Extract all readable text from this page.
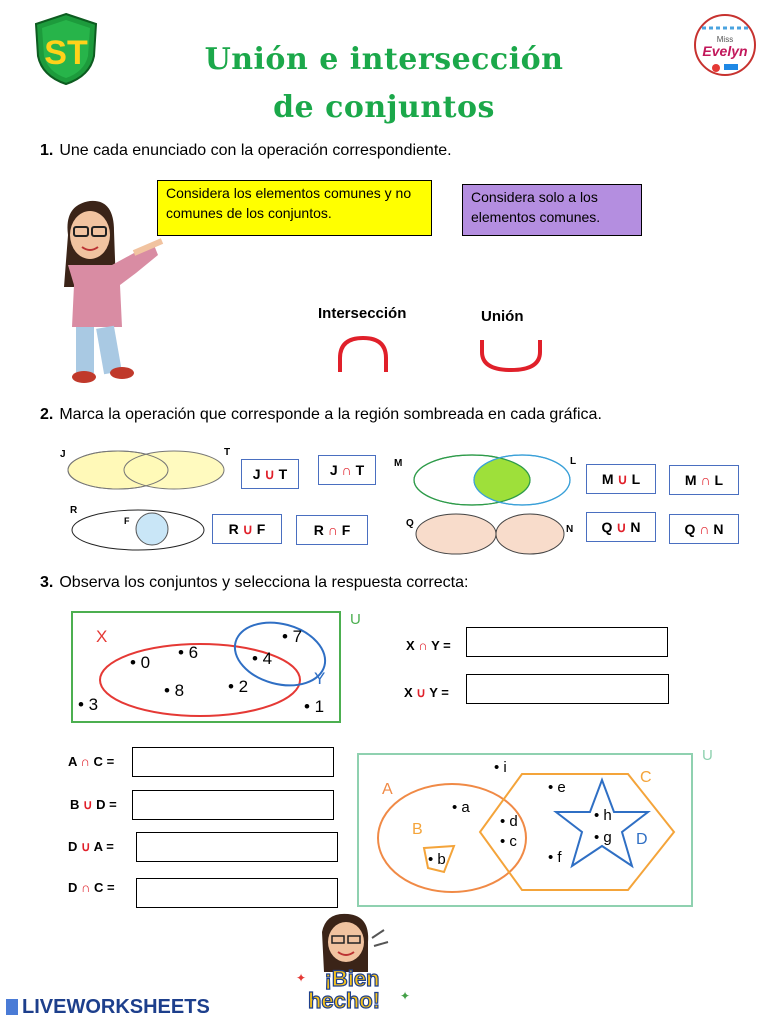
ST	Miss
Evelyn
Unión e intersección
de conjuntos
1. Une cada enunciado con la operación correspondiente.
Considera los elementos comunes y no comunes de los conjuntos.
Considera solo a los elementos comunes.
Intersección	Unión
2. Marca la operación que corresponde a la región sombreada en cada gráfica.
J	T
J ∪ T	J ∩ T	M	L
M ∪ L	M ∩ L
R
F	R ∪ F	R ∩ F	Q
N	Q ∪ N	Q ∩ N
3. Observa los conjuntos y selecciona la respuesta correcta:
U
X
Y
• 0
• 6
• 8	• 2
• 4
• 7
• 3	• 1
X ∩ Y =
X ∪ Y =
A ∩ C =
B ∪ D =
D ∪ A =
D ∩ C =
U
A
B
C
D
• i
• a
• b
• d
• c
• e
• f
• h
• g
LIVEWORKSHEETS
¡Bien
hecho!
✦
✦
